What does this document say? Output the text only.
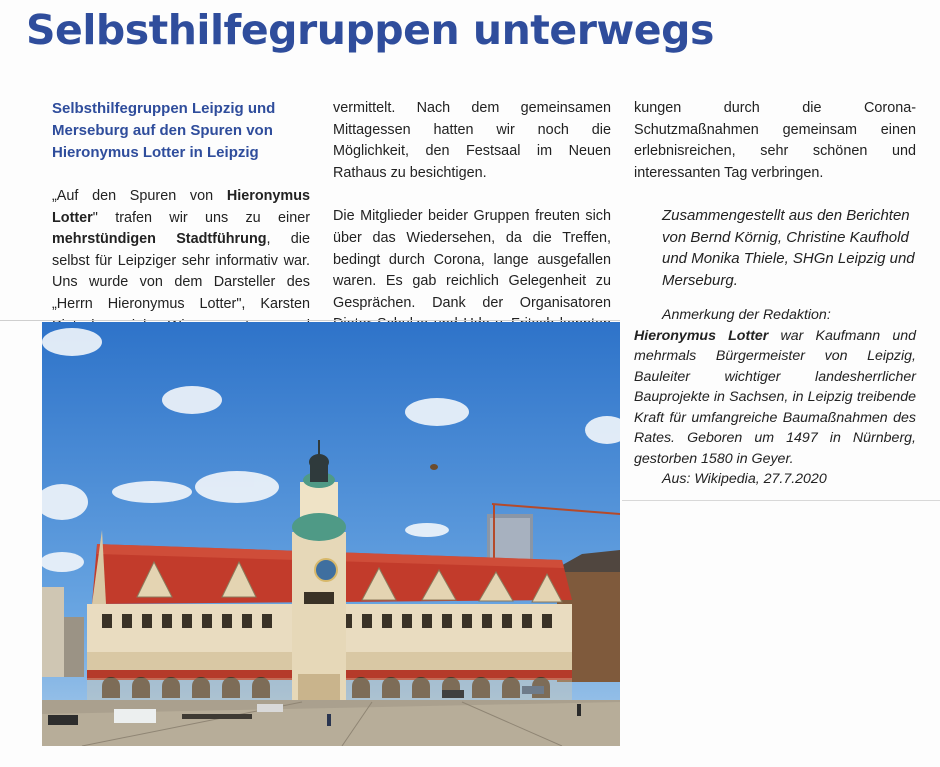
Selbsthilfegruppen unterwegs

Selbsthilfegruppen Leipzig und Merseburg auf den Spuren von Hieronymus Lotter in Leipzig

„Auf den Spuren von Hieronymus Lotter" trafen wir uns zu einer mehrstündigen Stadtführung, die selbst für Leipziger sehr informativ war. Uns wurde von dem Darsteller des „Herrn Hieronymus Lotter", Karsten

vermittelt. Nach dem gemeinsamen Mittagessen hatten wir noch die Möglichkeit, den Festsaal im Neuen Rathaus zu besichtigen.

Die Mitglieder beider Gruppen freuten sich über das Wiedersehen, da die Treffen, bedingt durch Corona, lange ausgefallen waren. Es gab reichlich Gelegenheit zu Gesprächen. Dank der Organisatoren

kungen durch die Corona-Schutzmaßnahmen gemeinsam einen erlebnisreichen, sehr schönen und interessanten Tag verbringen.

Zusammengestellt aus den Berichten von Bernd Körnig, Christine Kaufhold und Monika Thiele, SHGn Leipzig und Merseburg.

Anmerkung der Redaktion:

Hieronymus Lotter war Kaufmann und mehrmals Bürgermeister von Leipzig, Bauleiter wichtiger landesherrlicher Bauprojekte in Sachsen, in Leipzig treibende Kraft für umfangreiche Baumaßnahmen des Rates. Geboren um 1497 in Nürnberg, gestorben 1580 in Geyer.

Aus: Wikipedia, 27.7.2020
